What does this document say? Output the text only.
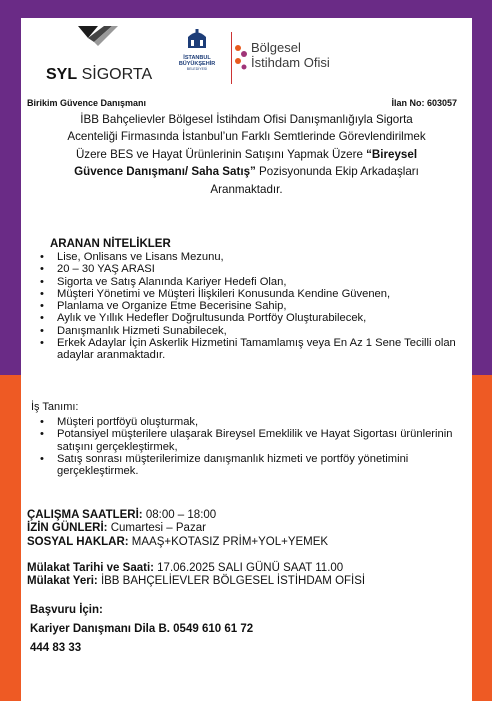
SYL SİGORTA
İSTANBUL
BÜYÜKŞEHİR
BELEDİYESİ
Bölgesel
İstihdam Ofisi
Birikim Güvence Danışmanı	İlan No: 603057
İBB Bahçelievler Bölgesel İstihdam Ofisi Danışmanlığıyla Sigorta
Acenteliği Firmasında İstanbul’un Farklı Semtlerinde Görevlendirilmek
Üzere BES ve Hayat Ürünlerinin Satışını Yapmak Üzere “Bireysel
Güvence Danışmanı/ Saha Satış” Pozisyonunda Ekip Arkadaşları
Aranmaktadır.
ARANAN NİTELİKLER
• Lise, Onlisans ve Lisans Mezunu,
• 20 – 30 YAŞ ARASI
• Sigorta ve Satış Alanında Kariyer Hedefi Olan,
• Müşteri Yönetimi ve Müşteri İlişkileri Konusunda Kendine Güvenen,
• Planlama ve Organize Etme Becerisine Sahip,
• Aylık ve Yıllık Hedefler Doğrultusunda Portföy Oluşturabilecek,
• Danışmanlık Hizmeti Sunabilecek,
• Erkek Adaylar İçin Askerlik Hizmetini Tamamlamış veya En Az 1 Sene Tecilli olan adaylar aranmaktadır.
İş Tanımı:
• Müşteri portföyü oluşturmak,
• Potansiyel müşterilere ulaşarak Bireysel Emeklilik ve Hayat Sigortası ürünlerinin satışını gerçekleştirmek,
• Satış sonrası müşterilerimize danışmanlık hizmeti ve portföy yönetimini gerçekleştirmek.
ÇALIŞMA SAATLERİ: 08:00 – 18:00
İZİN GÜNLERİ: Cumartesi – Pazar
SOSYAL HAKLAR: MAAŞ+KOTASIZ PRİM+YOL+YEMEK
Mülakat Tarihi ve Saati: 17.06.2025 SALI GÜNÜ SAAT 11.00
Mülakat Yeri: İBB BAHÇELİEVLER BÖLGESEL İSTİHDAM OFİSİ
Başvuru İçin:
Kariyer Danışmanı Dila B. 0549 610 61 72
444 83 33
